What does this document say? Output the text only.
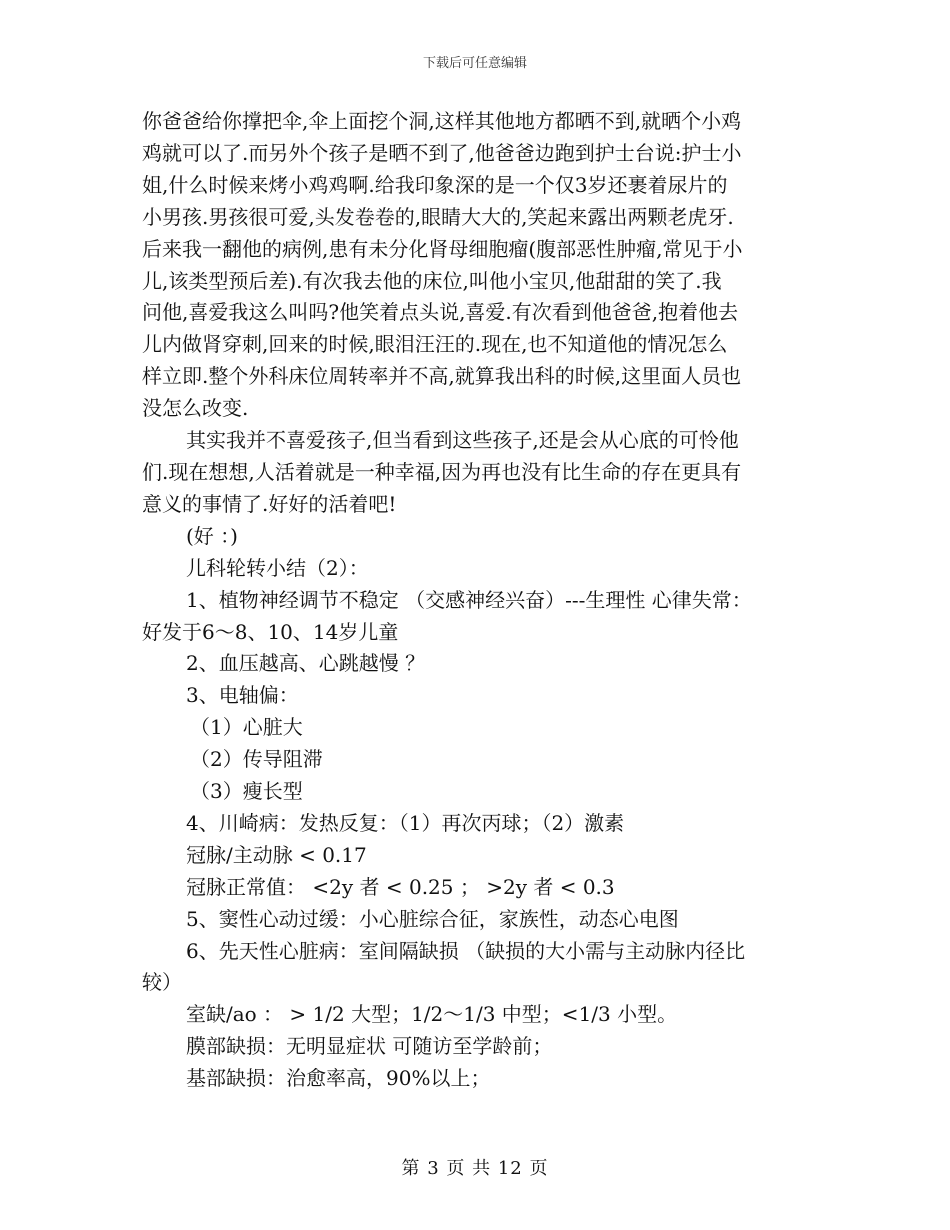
下载后可任意编辑
你爸爸给你撑把伞,伞上面挖个洞,这样其他地方都晒不到,就晒个小鸡
鸡就可以了.而另外个孩子是晒不到了,他爸爸边跑到护士台说:护士小
姐,什么时候来烤小鸡鸡啊.给我印象深的是一个仅3岁还裹着尿片的
小男孩.男孩很可爱,头发卷卷的,眼睛大大的,笑起来露出两颗老虎牙.
后来我一翻他的病例,患有未分化肾母细胞瘤(腹部恶性肿瘤,常见于小
儿,该类型预后差).有次我去他的床位,叫他小宝贝,他甜甜的笑了.我
问他,喜爱我这么叫吗?他笑着点头说,喜爱.有次看到他爸爸,抱着他去
儿内做肾穿刺,回来的时候,眼泪汪汪的.现在,也不知道他的情况怎么
样立即.整个外科床位周转率并不高,就算我出科的时候,这里面人员也
没怎么改变.
其实我并不喜爱孩子,但当看到这些孩子,还是会从心底的可怜他
们.现在想想,人活着就是一种幸福,因为再也没有比生命的存在更具有
意义的事情了.好好的活着吧!
(好 ：)
儿科轮转小结（2）：
1、植物神经调节不稳定 （交感神经兴奋）---生理性 心律失常：
好发于6～8、10、14岁儿童
2、血压越高、心跳越慢 ？
3、电轴偏：
（1）心脏大
（2）传导阻滞
（3）瘦长型
4、川崎病：发热反复：（1）再次丙球；（2）激素
冠脉/主动脉 < 0.17
冠脉正常值： <2y 者 < 0.25 ； >2y 者 < 0.3
5、窦性心动过缓：小心脏综合征，家族性，动态心电图
6、先天性心脏病：室间隔缺损 （缺损的大小需与主动脉内径比
较）
室缺/ao ： > 1/2 大型；1/2～1/3 中型；<1/3 小型。
膜部缺损：无明显症状 可随访至学龄前；
基部缺损：治愈率高，90%以上；
第 3 页 共 12 页
